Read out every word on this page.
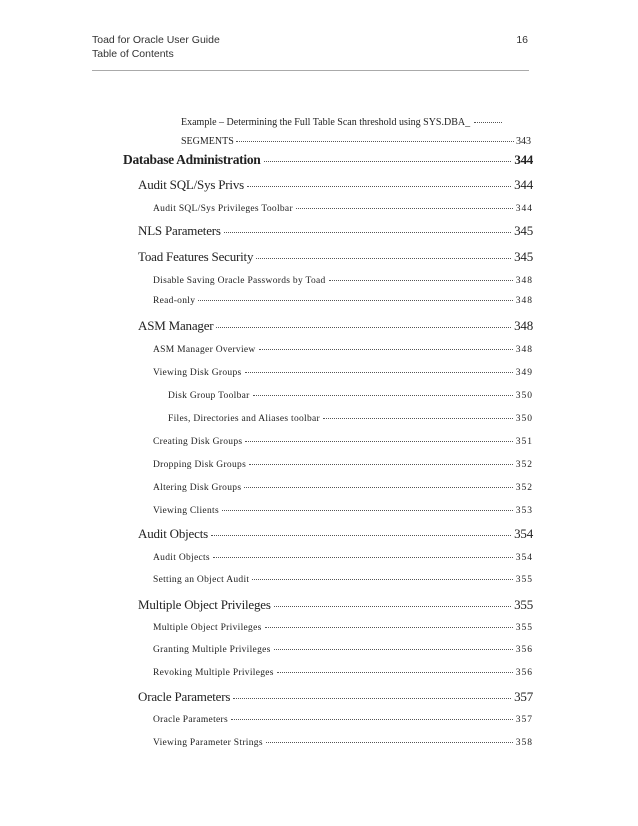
Toad for Oracle User Guide
Table of Contents
16
Example – Determining the Full Table Scan threshold using SYS.DBA_
SEGMENTS	343
Database Administration	344
Audit SQL/Sys Privs	344
Audit SQL/Sys Privileges Toolbar	344
NLS Parameters	345
Toad Features Security	345
Disable Saving Oracle Passwords by Toad	348
Read-only	348
ASM Manager	348
ASM Manager Overview	348
Viewing Disk Groups	349
Disk Group Toolbar	350
Files, Directories and Aliases toolbar	350
Creating Disk Groups	351
Dropping Disk Groups	352
Altering Disk Groups	352
Viewing Clients	353
Audit Objects	354
Audit Objects	354
Setting an Object Audit	355
Multiple Object Privileges	355
Multiple Object Privileges	355
Granting Multiple Privileges	356
Revoking Multiple Privileges	356
Oracle Parameters	357
Oracle Parameters	357
Viewing Parameter Strings	358
